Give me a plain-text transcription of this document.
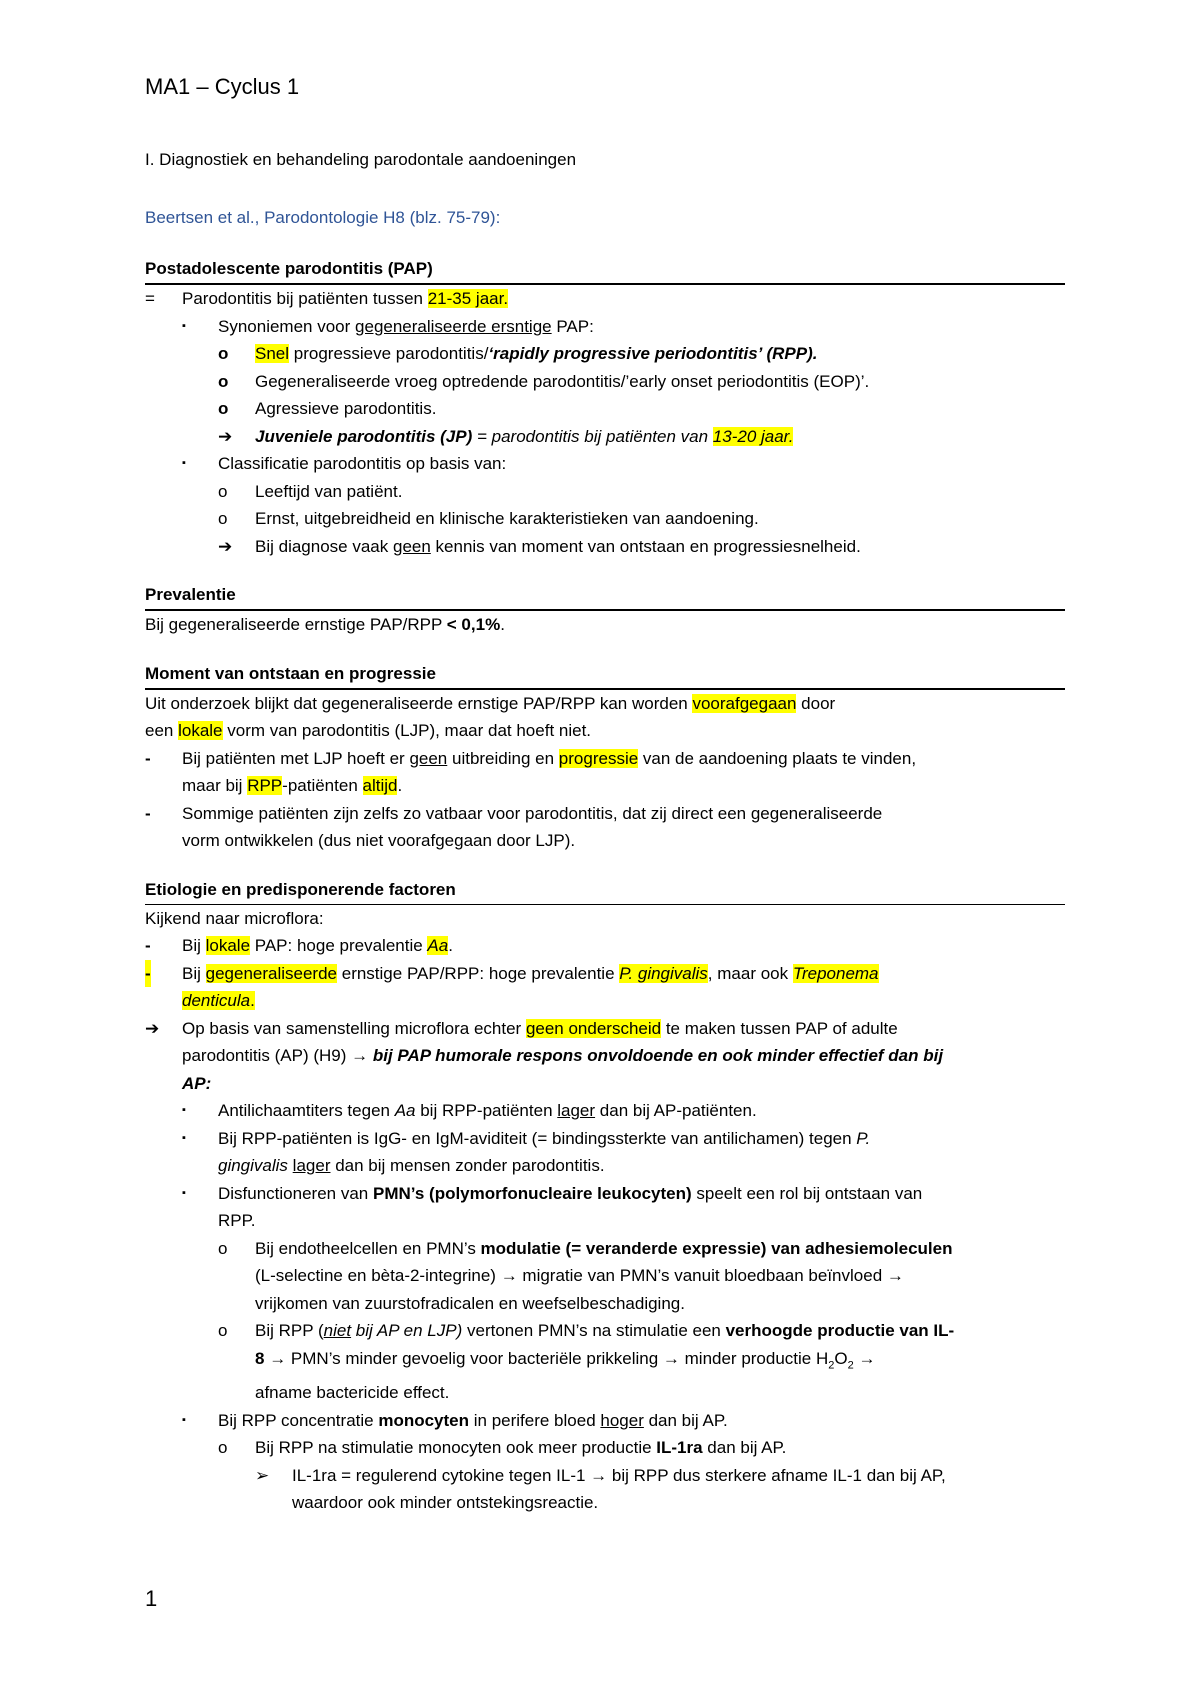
MA1 – Cyclus 1
I. Diagnostiek en behandeling parodontale aandoeningen
Beertsen et al., Parodontologie H8 (blz. 75-79):
Postadolescente parodontitis (PAP)
= Parodontitis bij patiënten tussen 21-35 jaar.
▪ Synoniemen voor gegeneraliseerde ersntige PAP:
o Snel progressieve parodontitis/‘rapidly progressive periodontitis’ (RPP).
o Gegeneraliseerde vroeg optredende parodontitis/’early onset periodontitis (EOP)’.
o Agressieve parodontitis.
➔ Juveniele parodontitis (JP) = parodontitis bij patiënten van 13-20 jaar.
▪ Classificatie parodontitis op basis van:
o Leeftijd van patiënt.
o Ernst, uitgebreidheid en klinische karakteristieken van aandoening.
➔ Bij diagnose vaak geen kennis van moment van ontstaan en progressiesnelheid.
Prevalentie
Bij gegeneraliseerde ernstige PAP/RPP < 0,1%.
Moment van ontstaan en progressie
Uit onderzoek blijkt dat gegeneraliseerde ernstige PAP/RPP kan worden voorafgegaan door
een lokale vorm van parodontitis (LJP), maar dat hoeft niet.
- Bij patiënten met LJP hoeft er geen uitbreiding en progressie van de aandoening plaats te vinden,
maar bij RPP-patiënten altijd.
- Sommige patiënten zijn zelfs zo vatbaar voor parodontitis, dat zij direct een gegeneraliseerde
vorm ontwikkelen (dus niet voorafgegaan door LJP).
Etiologie en predisponerende factoren
Kijkend naar microflora:
- Bij lokale PAP: hoge prevalentie Aa.
- Bij gegeneraliseerde ernstige PAP/RPP: hoge prevalentie P. gingivalis, maar ook Treponema
denticula.
➔ Op basis van samenstelling microflora echter geen onderscheid te maken tussen PAP of adulte
parodontitis (AP) (H9) → bij PAP humorale respons onvoldoende en ook minder effectief dan bij
AP:
▪ Antilichaamtiters tegen Aa bij RPP-patiënten lager dan bij AP-patiënten.
▪ Bij RPP-patiënten is IgG- en IgM-aviditeit (= bindingssterkte van antilichamen) tegen P.
gingivalis lager dan bij mensen zonder parodontitis.
▪ Disfunctioneren van PMN’s (polymorfonucleaire leukocyten) speelt een rol bij ontstaan van
RPP.
o Bij endotheelcellen en PMN’s modulatie (= veranderde expressie) van adhesiemoleculen
(L-selectine en bèta-2-integrine) → migratie van PMN’s vanuit bloedbaan beïnvloed →
vrijkomen van zuurstofradicalen en weefselbeschadiging.
o Bij RPP (niet bij AP en LJP) vertonen PMN’s na stimulatie een verhoogde productie van IL-
8 → PMN’s minder gevoelig voor bacteriële prikkeling → minder productie $H_2O_2$ →
afname bactericide effect.
▪ Bij RPP concentratie monocyten in perifere bloed hoger dan bij AP.
o Bij RPP na stimulatie monocyten ook meer productie IL-1ra dan bij AP.
➢ IL-1ra = regulerend cytokine tegen IL-1 → bij RPP dus sterkere afname IL-1 dan bij AP,
waardoor ook minder ontstekingsreactie.
1
